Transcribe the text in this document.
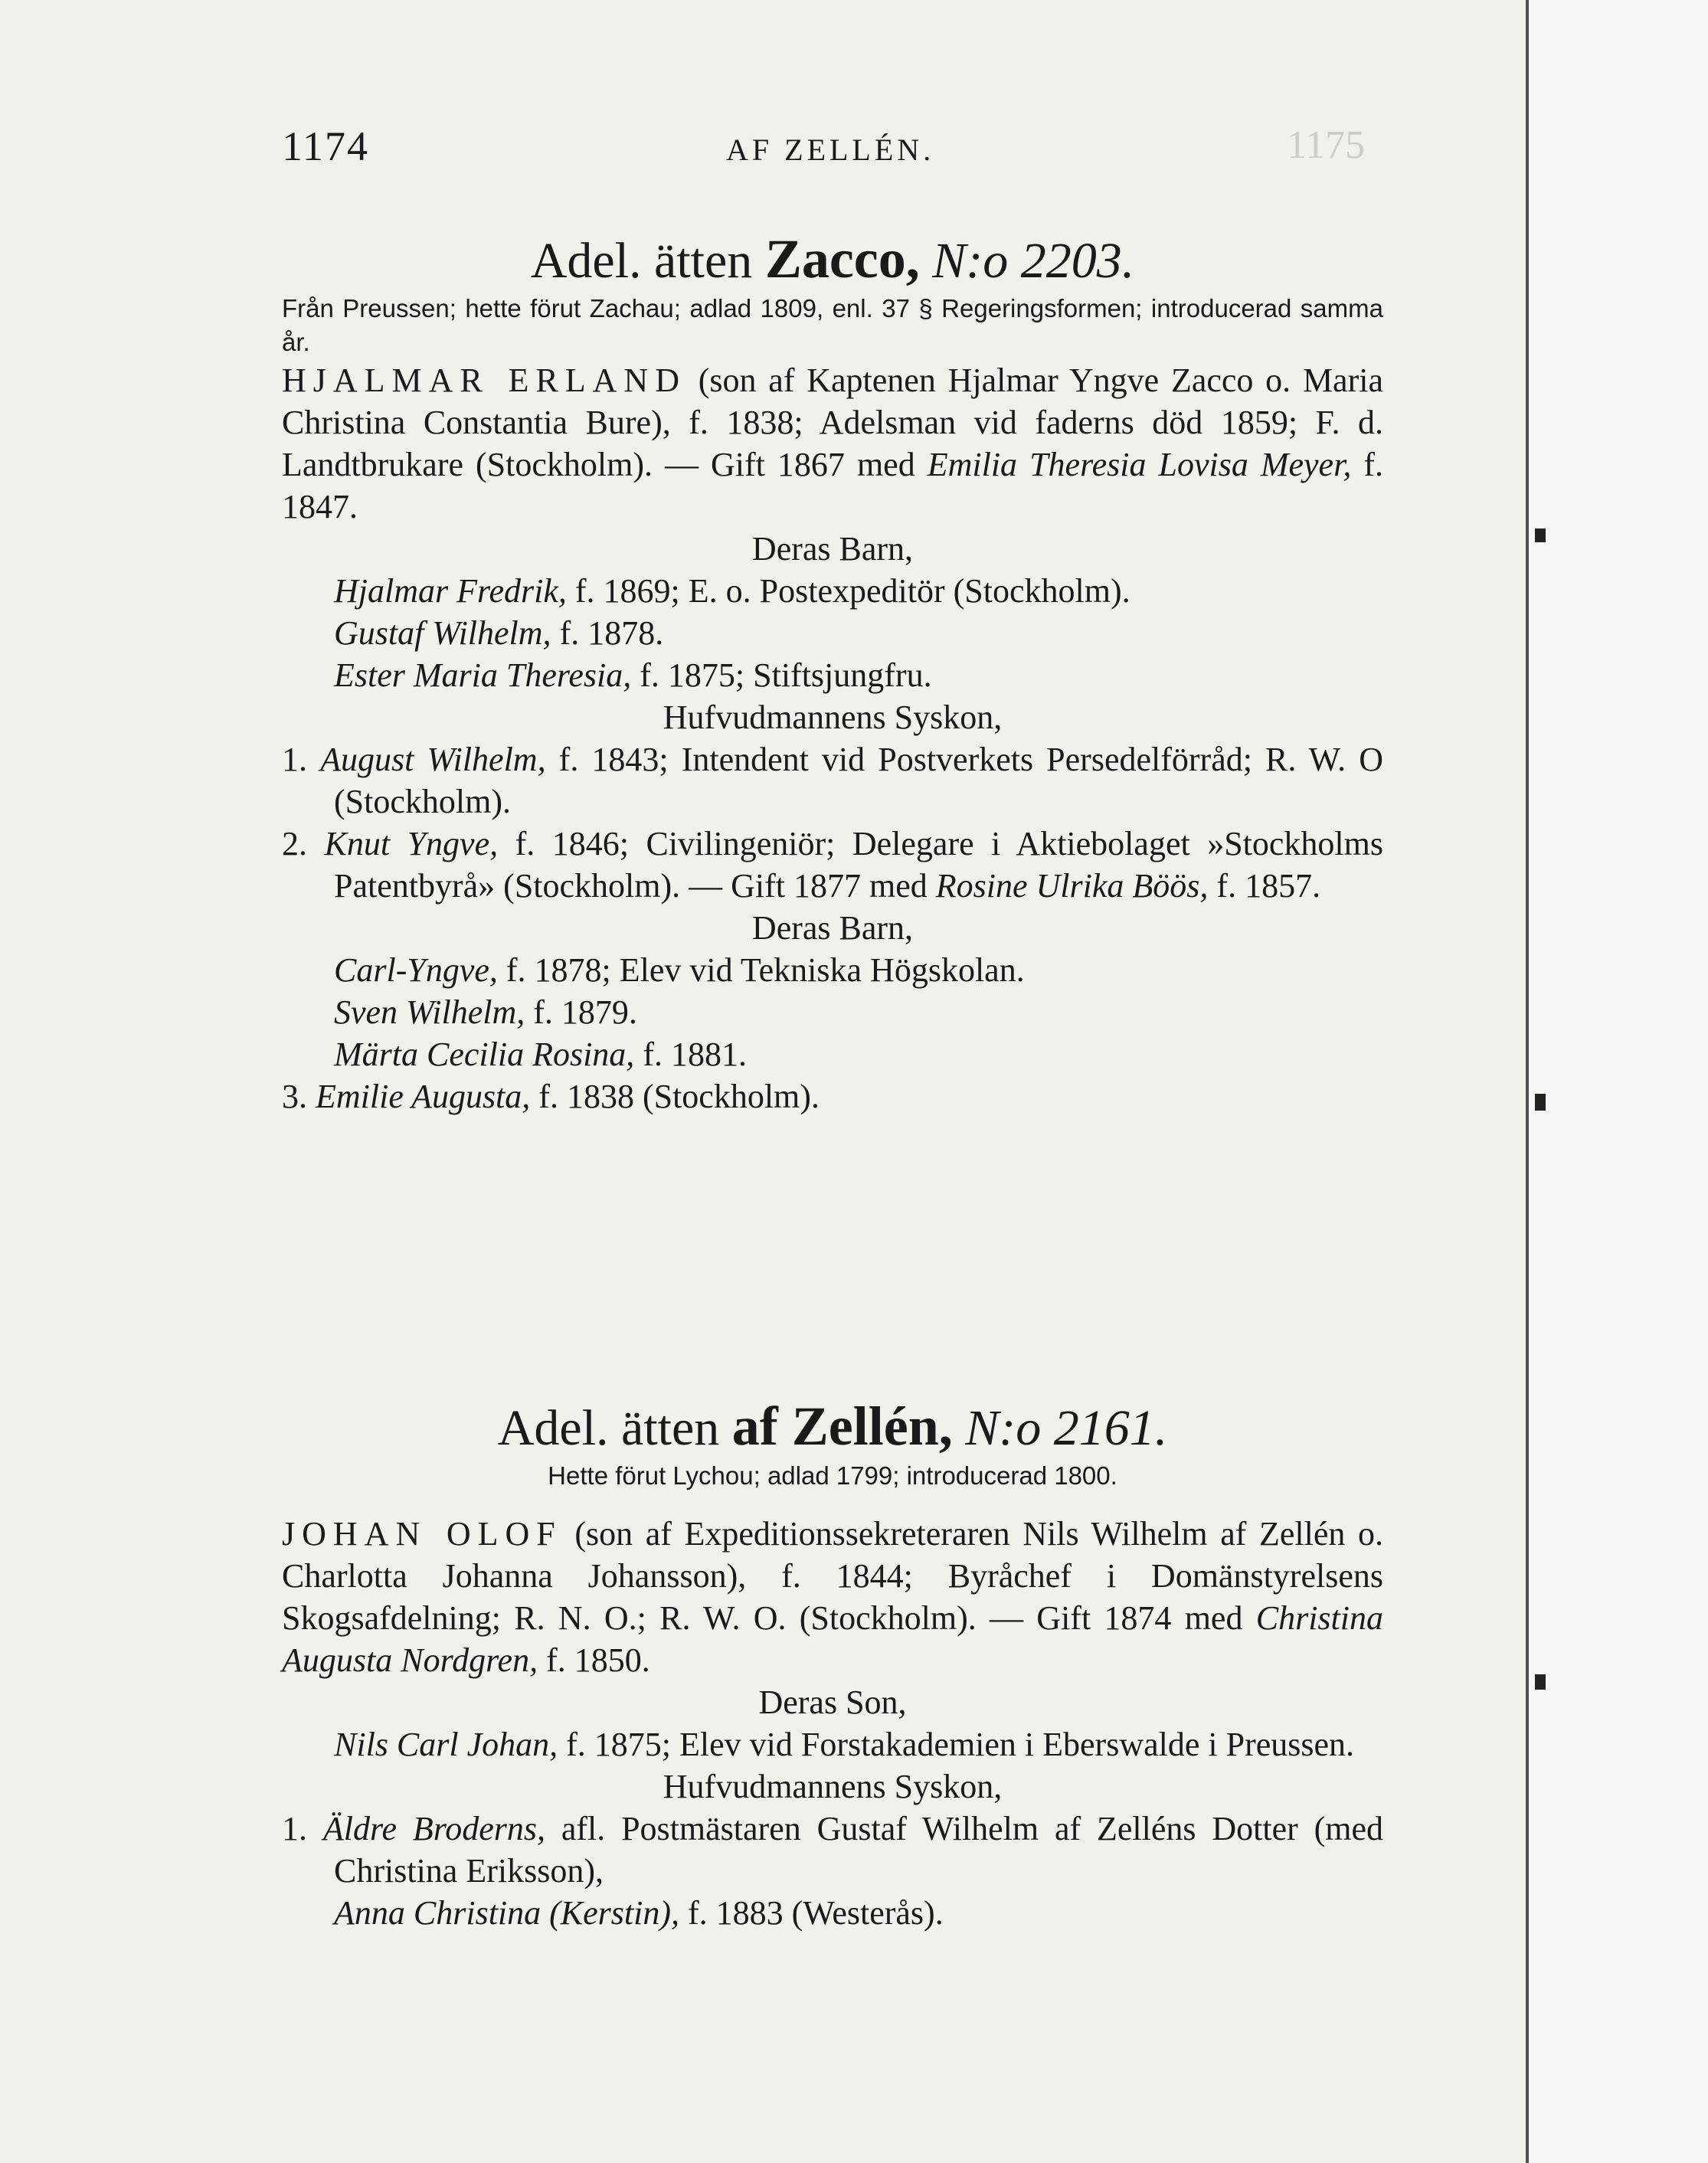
1175
1174	AF ZELLÉN.
Adel. ätten Zacco, N:o 2203.
Från Preussen; hette förut Zachau; adlad 1809, enl. 37 § Regeringsformen; introducerad samma år.
HJALMAR ERLAND (son af Kaptenen Hjalmar Yngve Zacco o. Maria Christina Constantia Bure), f. 1838; Adelsman vid faderns död 1859; F. d. Landtbrukare (Stockholm). — Gift 1867 med Emilia Theresia Lovisa Meyer, f. 1847.
Deras Barn,
Hjalmar Fredrik, f. 1869; E. o. Postexpeditör (Stockholm).
Gustaf Wilhelm, f. 1878.
Ester Maria Theresia, f. 1875; Stiftsjungfru.
Hufvudmannens Syskon,
1. August Wilhelm, f. 1843; Intendent vid Postverkets Persedelförråd; R. W. O (Stockholm).
2. Knut Yngve, f. 1846; Civilingeniör; Delegare i Aktiebolaget »Stockholms Patentbyrå» (Stockholm). — Gift 1877 med Rosine Ulrika Böös, f. 1857.
Deras Barn,
Carl-Yngve, f. 1878; Elev vid Tekniska Högskolan.
Sven Wilhelm, f. 1879.
Märta Cecilia Rosina, f. 1881.
3. Emilie Augusta, f. 1838 (Stockholm).
Adel. ätten af Zellén, N:o 2161.
Hette förut Lychou; adlad 1799; introducerad 1800.
JOHAN OLOF (son af Expeditionssekreteraren Nils Wilhelm af Zellén o. Charlotta Johanna Johansson), f. 1844; Byråchef i Domänstyrelsens Skogsafdelning; R. N. O.; R. W. O. (Stockholm). — Gift 1874 med Christina Augusta Nordgren, f. 1850.
Deras Son,
Nils Carl Johan, f. 1875; Elev vid Forstakademien i Eberswalde i Preussen.
Hufvudmannens Syskon,
1. Äldre Broderns, afl. Postmästaren Gustaf Wilhelm af Zelléns Dotter (med Christina Eriksson),
Anna Christina (Kerstin), f. 1883 (Westerås).
